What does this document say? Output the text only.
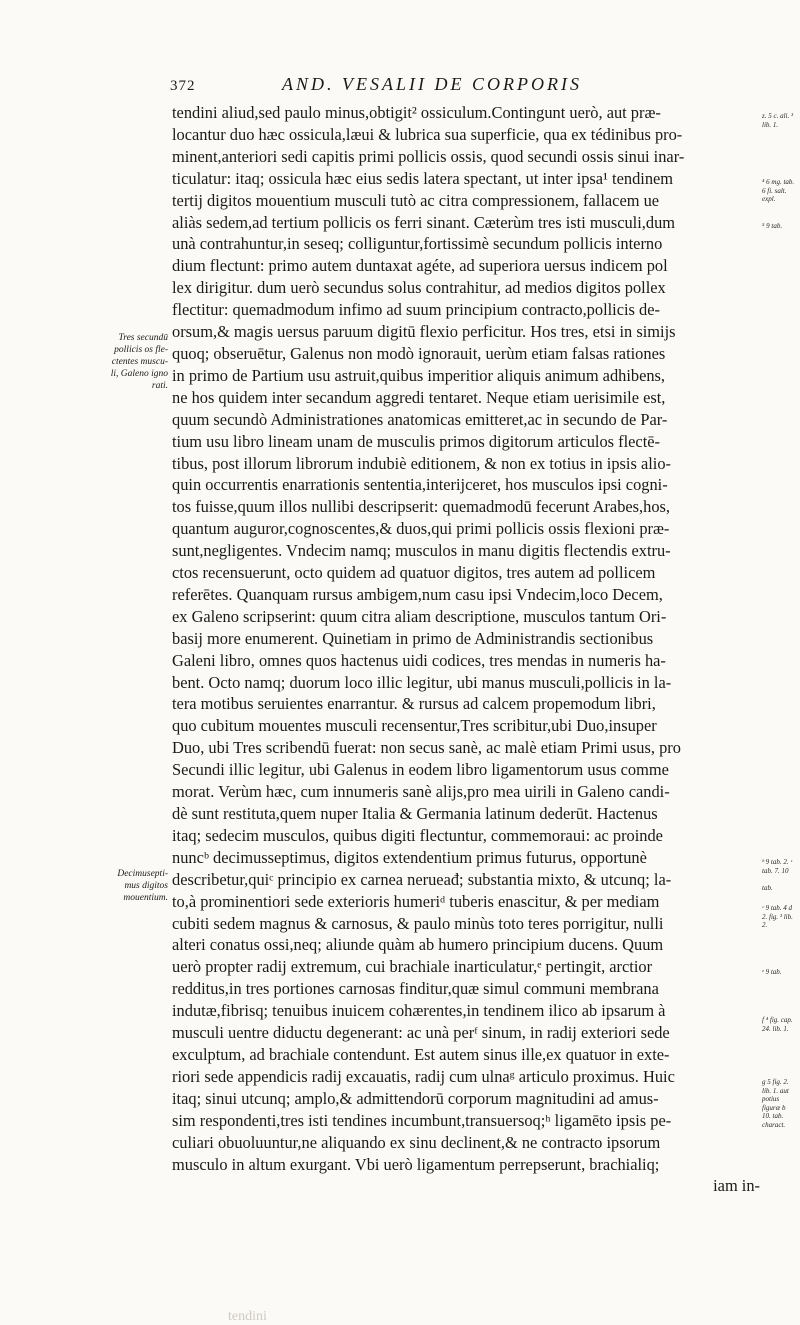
372	AND. VESALII DE CORPORIS
tendini aliud,sed paulo minus,obtigit² ossiculum.Contingunt uerò, aut præ-
locantur duo hæc ossicula,læui & lubrica sua superficie, qua ex tédinibus pro-
minent,anteriori sedi capitis primi pollicis ossis, quod secundi ossis sinui inar-
ticulatur: itaq; ossicula hæc eius sedis latera spectant, ut inter ipsa¹ tendinem
tertij digitos mouentium musculi tutò ac citra compressionem, fallacem ue
aliàs sedem,ad tertium pollicis os ferri sinant. Cæterùm tres isti musculi,dum
unà contrahuntur,in seseq; colliguntur,fortissimè secundum pollicis interno
dium flectunt: primo autem duntaxat agéte, ad superiora uersus indicem pol
lex dirigitur. dum uerò secundus solus contrahitur, ad medios digitos pollex
flectitur: quemadmodum infimo ad suum principium contracto,pollicis de-
orsum,& magis uersus paruum digitū flexio perficitur. Hos tres, etsi in simijs
quoq; obseruētur, Galenus non modò ignorauit, uerùm etiam falsas rationes
in primo de Partium usu astruit,quibus imperitior aliquis animum adhibens,
ne hos quidem inter secandum aggredi tentaret. Neque etiam uerisimile est,
quum secundò Administrationes anatomicas emitteret,ac in secundo de Par-
tium usu libro lineam unam de musculis primos digitorum articulos flectē-
tibus, post illorum librorum indubiè editionem, & non ex totius in ipsis alio-
quin occurrentis enarrationis sententia,interijceret, hos musculos ipsi cogni-
tos fuisse,quum illos nullibi descripserit: quemadmodū fecerunt Arabes,hos,
quantum auguror,cognoscentes,& duos,qui primi pollicis ossis flexioni præ-
sunt,negligentes. Vndecim namq; musculos in manu digitis flectendis extru-
ctos recensuerunt, octo quidem ad quatuor digitos, tres autem ad pollicem
referētes. Quanquam rursus ambigem,num casu ipsi Vndecim,loco Decem,
ex Galeno scripserint: quum citra aliam descriptione, musculos tantum Ori-
basij more enumerent. Quinetiam in primo de Administrandis sectionibus
Galeni libro, omnes quos hactenus uidi codices, tres mendas in numeris ha-
bent. Octo namq; duorum loco illic legitur, ubi manus musculi,pollicis in la-
tera motibus seruientes enarrantur. & rursus ad calcem propemodum libri,
quo cubitum mouentes musculi recensentur,Tres scribitur,ubi Duo,insuper
Duo, ubi Tres scribendū fuerat: non secus sanè, ac malè etiam Primi usus, pro
Secundi illic legitur, ubi Galenus in eodem libro ligamentorum usus comme
morat. Verùm hæc, cum innumeris sanè alijs,pro mea uirili in Galeno candi-
dè sunt restituta,quem nuper Italia & Germania latinum dederūt. Hactenus
itaq; sedecim musculos, quibus digiti flectuntur, commemoraui: ac proinde
nuncᵇ decimusseptimus, digitos extendentium primus futurus, opportunè
describetur,quiᶜ principio ex carnea nerueađ; substantia mixto, & utcunq; la-
to,à prominentiori sede exterioris humeriᵈ tuberis enascitur, & per mediam
cubiti sedem magnus & carnosus, & paulo minùs toto teres porrigitur, nulli
alteri conatus ossi,neq; aliunde quàm ab humero principium ducens. Quum
uerò propter radij extremum, cui brachiale inarticulatur,ᵉ pertingit, arctior
redditus,in tres portiones carnosas finditur,quæ simul communi membrana
indutæ,fibrisq; tenuibus inuicem cohærentes,in tendinem ilico ab ipsarum à
musculi uentre diductu degenerant: ac unà perᶠ sinum, in radij exteriori sede
exculptum, ad brachiale contendunt. Est autem sinus ille,ex quatuor in exte-
riori sede appendicis radij excauatis, radij cum ulnaᵍ articulo proximus. Huic
itaq; sinui utcunq; amplo,& admittendorū corporum magnitudini ad amus-
sim respondenti,tres isti tendines incumbunt,transuersoq;ʰ ligamēto ipsis pe-
culiari obuoluuntur,ne aliquando ex sinu declinent,& ne contracto ipsorum
musculo in altum exurgant. Vbi uerò ligamentum perrepserunt, brachialiq;
iam in-
Tres secundū pollicis os fle- ctentes muscu- li, Galeno igno rati.
Decimusepti- mus digitos mouentium.
z. 5 c. ali. ³ lib. 1.
⁴ 6 mg. tab. 6 fi. salt. expl.
⁵ 9 tab.
ᵇ 9 tab. 2. ᶜ tab. 7. 10
tab.
ᶜ 9 tab. 4 d 2. fig. ³ lib. 2.
ᵉ 9 tab.
f ⁴ fig. cap. 24. lib. 1.
g 5 fig. 2. lib. 1. aut potius figuræ b 10. tab. charact.
tendini
